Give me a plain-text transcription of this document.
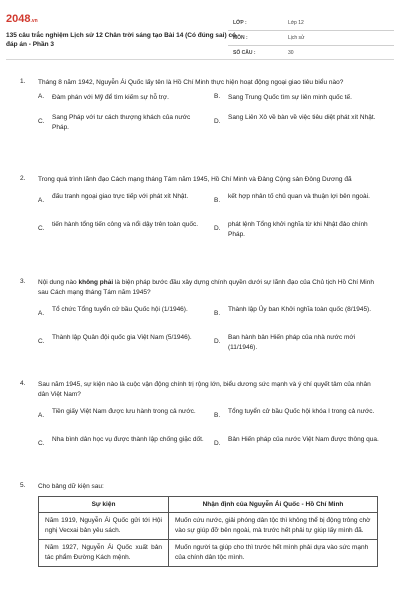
2048.vn
135 câu trắc nghiệm Lịch sử 12 Chân trời sáng tạo Bài 14 (Có đúng sai) có đáp án - Phần 3
LỚP :	Lớp 12
MÔN :	Lịch sử
SỐ CÂU :	30
1. Tháng 8 năm 1942, Nguyễn Ái Quốc lấy tên là Hồ Chí Minh thực hiện hoạt động ngoại giao tiêu biểu nào?
A. Đàm phán với Mỹ để tìm kiếm sự hỗ trợ.	B. Sang Trung Quốc tìm sự liên minh quốc tế.
C.
Sang Pháp với tư cách thượng khách của nước Pháp.
D.
Sang Liên Xô về bàn về việc tiêu diệt phát xít Nhật.
2. Trong quá trình lãnh đạo Cách mạng tháng Tám năm 1945, Hồ Chí Minh và Đảng Cộng sản Đông Dương đã
A.
đấu tranh ngoại giao trực tiếp với phát xít Nhật.
B.
kết hợp nhân tố chủ quan và thuận lợi bên ngoài.
C.
tiến hành tổng tiến công và nổi dậy trên toàn quốc.
D.
phát lệnh Tổng khởi nghĩa từ khi Nhật đảo chính Pháp.
3. Nội dung nào không phải là biện pháp bước đầu xây dựng chính quyền dưới sự lãnh đạo của Chủ tịch Hồ Chí Minh sau Cách mạng tháng Tám năm 1945?
A.
Tổ chức Tổng tuyển cử bầu Quốc hội (1/1946).
B.
Thành lập Ủy ban Khởi nghĩa toàn quốc (8/1945).
C.
Thành lập Quân đội quốc gia Việt Nam (5/1946).
D.
Ban hành bản Hiến pháp của nhà nước mới (11/1946).
4. Sau năm 1945, sự kiện nào là cuộc vận động chính trị rộng lớn, biểu dương sức mạnh và ý chí quyết tâm của nhân dân Việt Nam?
A.
Tiền giấy Việt Nam được lưu hành trong cả nước.
B.
Tổng tuyển cử bầu Quốc hội khóa I trong cả nước.
C.
Nha bình dân học vụ được thành lập chống giặc dốt.
D.
Bản Hiến pháp của nước Việt Nam được thông qua.
5. Cho bảng dữ kiện sau:
Sự kiện	Nhận định của Nguyễn Ái Quốc - Hồ Chí Minh
Năm 1919, Nguyễn Ái Quốc gửi tới Hội nghị Vecxai bản yêu sách.	Muốn cứu nước, giải phóng dân tộc thì không thể bị động trông chờ vào sự giúp đỡ bên ngoài, mà trước hết phải tự giúp lấy mình đã.
Năm 1927, Nguyễn Ái Quốc xuất bản tác phẩm Đường Kách mệnh.	Muốn người ta giúp cho thì trước hết mình phải dựa vào sức mạnh của chính dân tộc mình.
